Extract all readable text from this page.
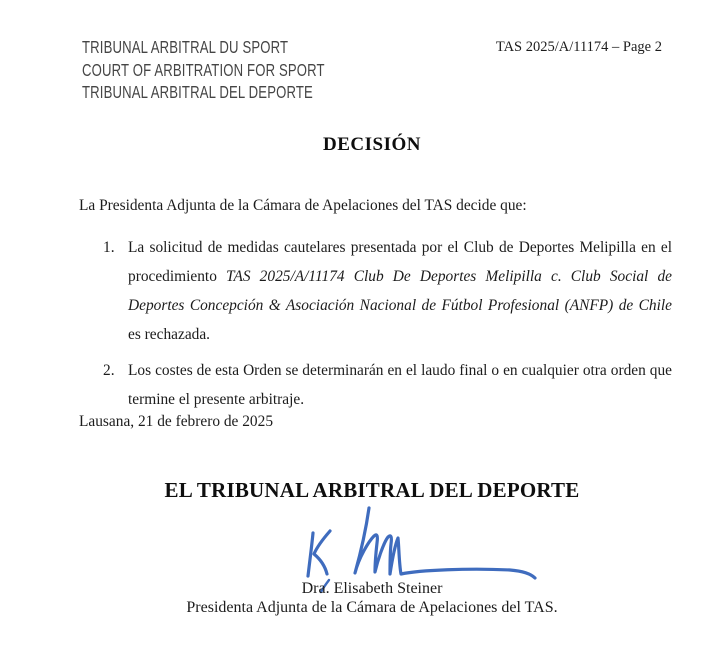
TRIBUNAL ARBITRAL DU SPORT
COURT OF ARBITRATION FOR SPORT
TRIBUNAL ARBITRAL DEL DEPORTE
TAS 2025/A/11174 – Page 2
DECISIÓN

La Presidenta Adjunta de la Cámara de Apelaciones del TAS decide que:

1. La solicitud de medidas cautelares presentada por el Club de Deportes Melipilla en el procedimiento TAS 2025/A/11174 Club De Deportes Melipilla c. Club Social de Deportes Concepción & Asociación Nacional de Fútbol Profesional (ANFP) de Chile es rechazada.

2. Los costes de esta Orden se determinarán en el laudo final o en cualquier otra orden que termine el presente arbitraje.

Lausana, 21 de febrero de 2025

EL TRIBUNAL ARBITRAL DEL DEPORTE
Dra. Elisabeth Steiner
Presidenta Adjunta de la Cámara de Apelaciones del TAS.
